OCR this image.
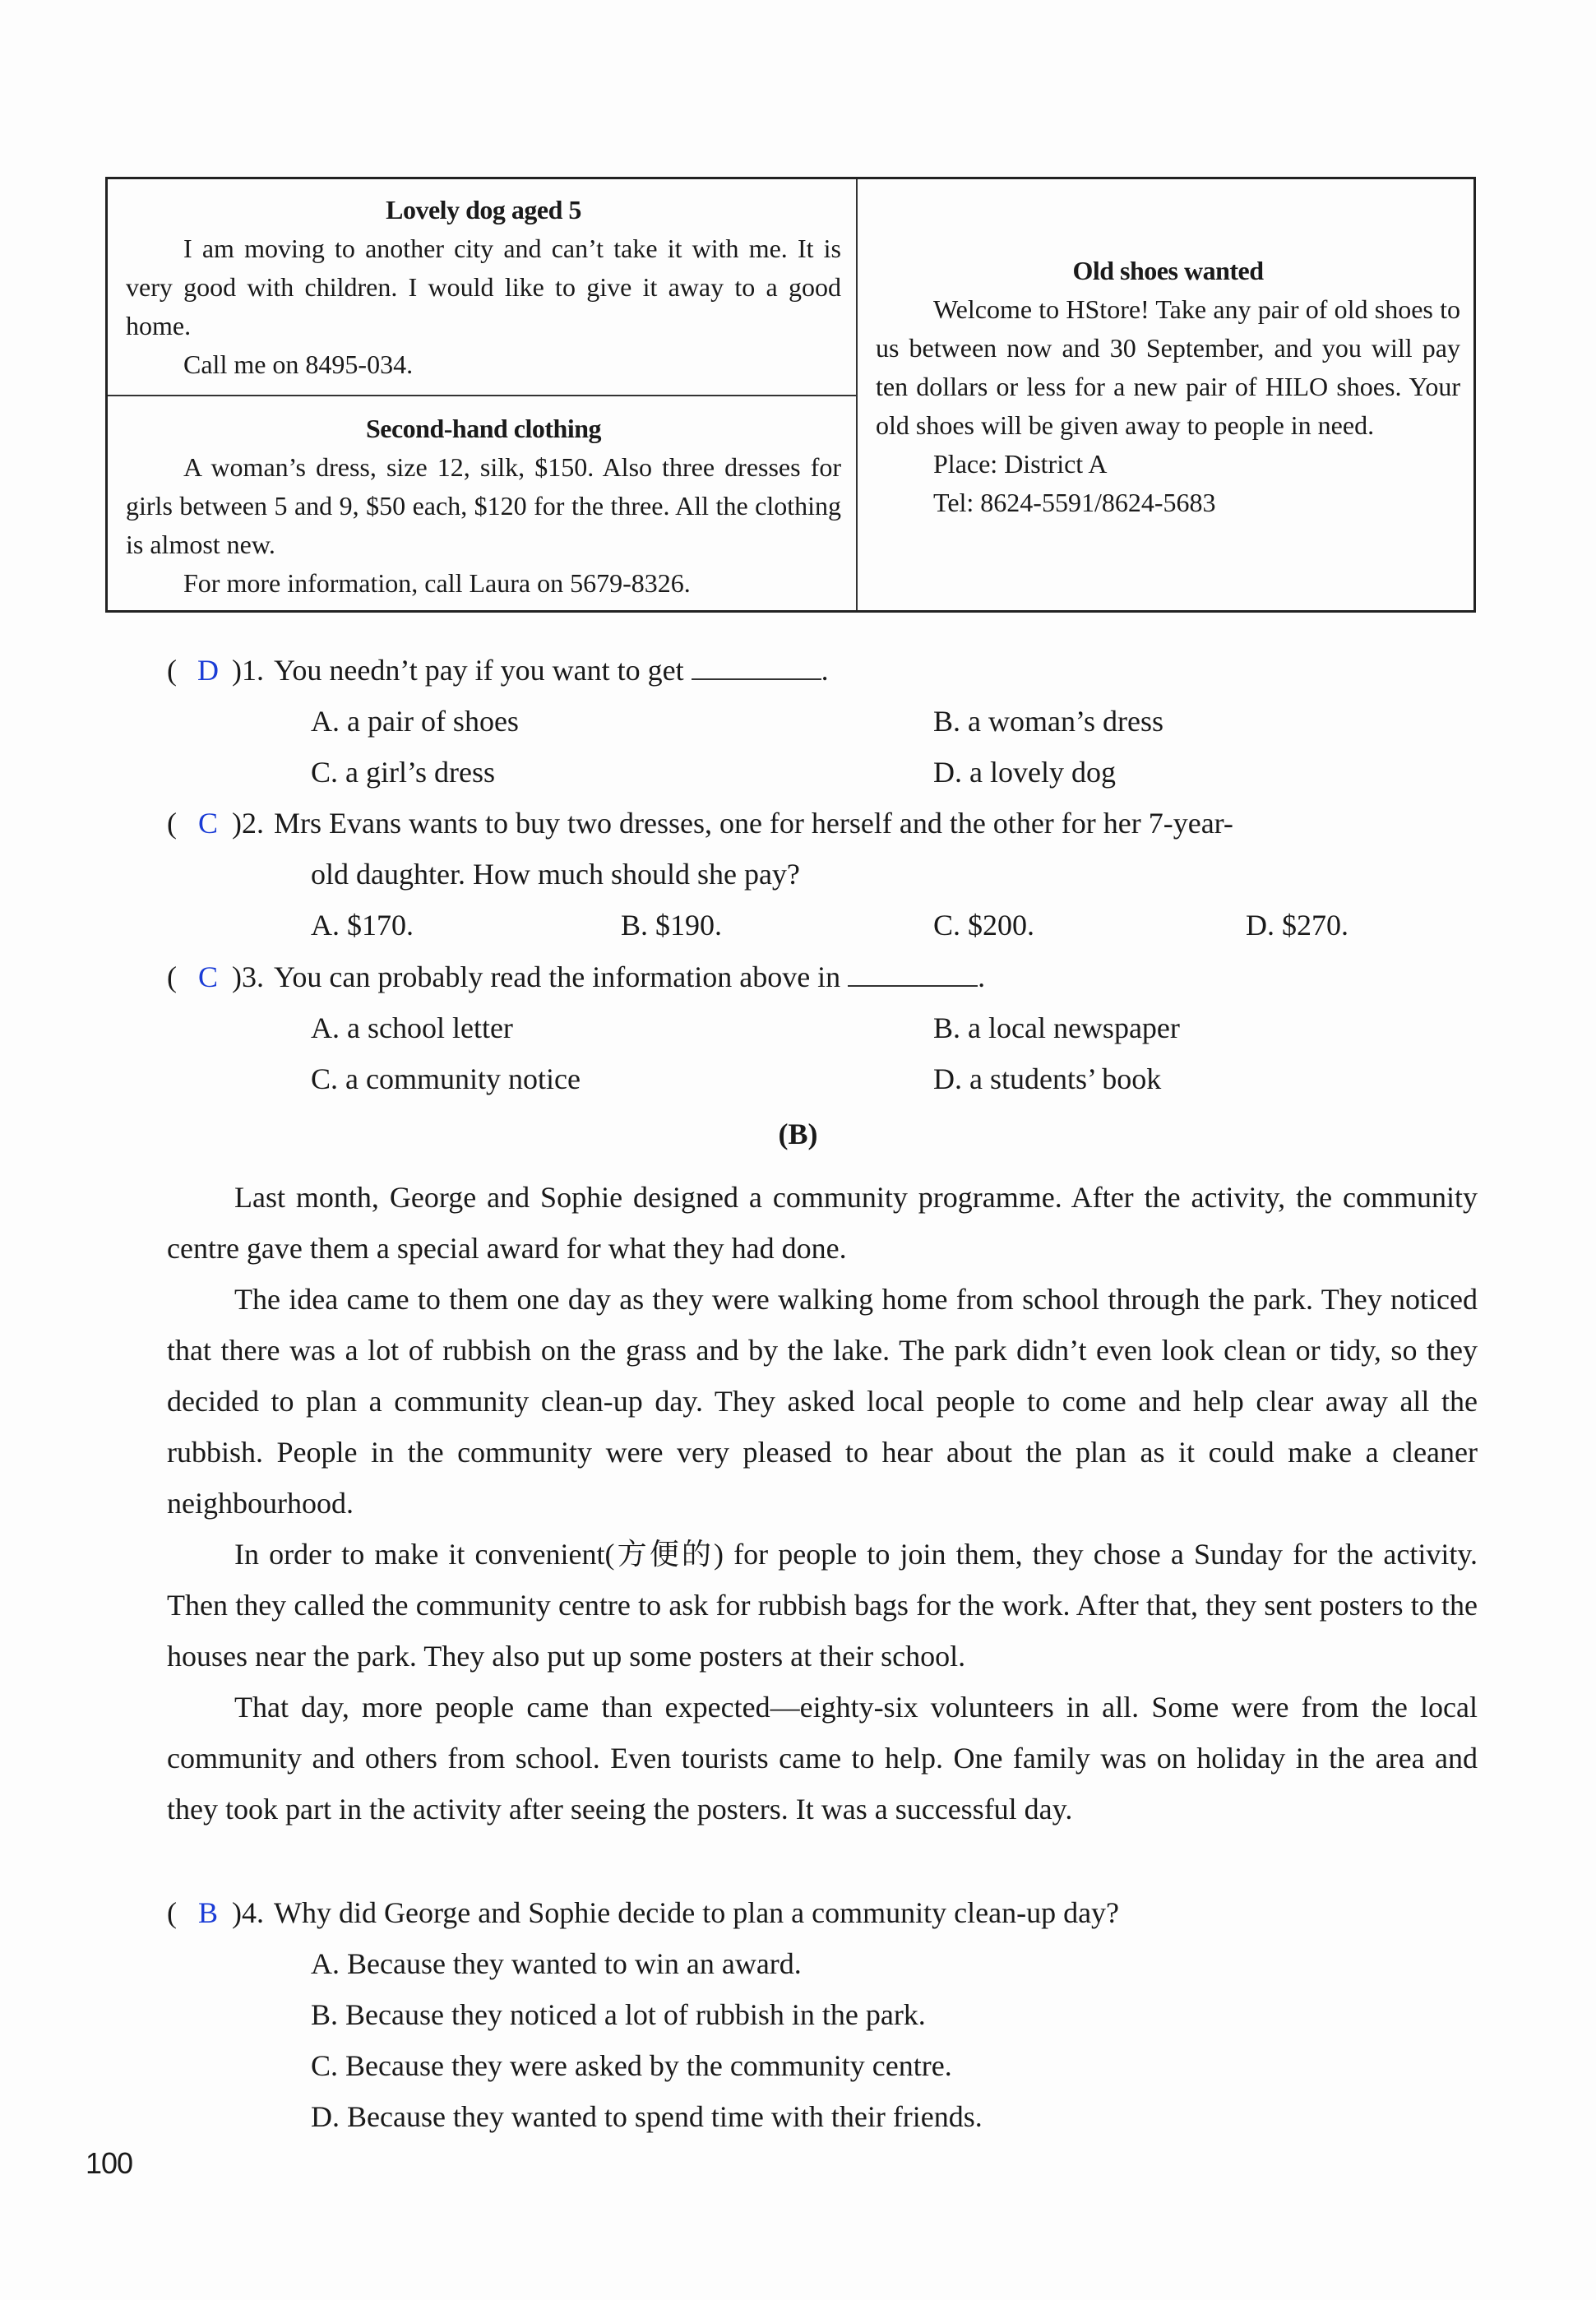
Lovely dog aged 5
I am moving to another city and can’t take it with me. It is very good with children. I would like to give it away to a good home.
Call me on 8495-034.
Second-hand clothing
A woman’s dress, size 12, silk, $150. Also three dresses for girls between 5 and 9, $50 each, $120 for the three. All the clothing is almost new.
For more information, call Laura on 5679-8326.
Old shoes wanted
Welcome to HStore! Take any pair of old shoes to us between now and 30 September, and you will pay ten dollars or less for a new pair of HILO shoes. Your old shoes will be given away to people in need.
Place: District A
Tel: 8624-5591/8624-5683
( D )1. You needn’t pay if you want to get	.
A. a pair of shoes	B. a woman’s dress
C. a girl’s dress	D. a lovely dog
( C )2. Mrs Evans wants to buy two dresses, one for herself and the other for her 7-year-
old daughter. How much should she pay?
A. $170.	B. $190.	C. $200.	D. $270.
( C )3. You can probably read the information above in	.
A. a school letter	B. a local newspaper
C. a community notice	D. a students’ book
(B)

Last month, George and Sophie designed a community programme. After the activity, the community centre gave them a special award for what they had done.

The idea came to them one day as they were walking home from school through the park. They noticed that there was a lot of rubbish on the grass and by the lake. The park didn’t even look clean or tidy, so they decided to plan a community clean-up day. They asked local people to come and help clear away all the rubbish. People in the community were very pleased to hear about the plan as it could make a cleaner neighbourhood.

In order to make it convenient(方便的) for people to join them, they chose a Sunday for the activity. Then they called the community centre to ask for rubbish bags for the work. After that, they sent posters to the houses near the park. They also put up some posters at their school.

That day, more people came than expected—eighty-six volunteers in all. Some were from the local community and others from school. Even tourists came to help. One family was on holiday in the area and they took part in the activity after seeing the posters. It was a successful day.

( B )4. Why did George and Sophie decide to plan a community clean-up day?
A. Because they wanted to win an award.
B. Because they noticed a lot of rubbish in the park.
C. Because they were asked by the community centre.
D. Because they wanted to spend time with their friends.
100
